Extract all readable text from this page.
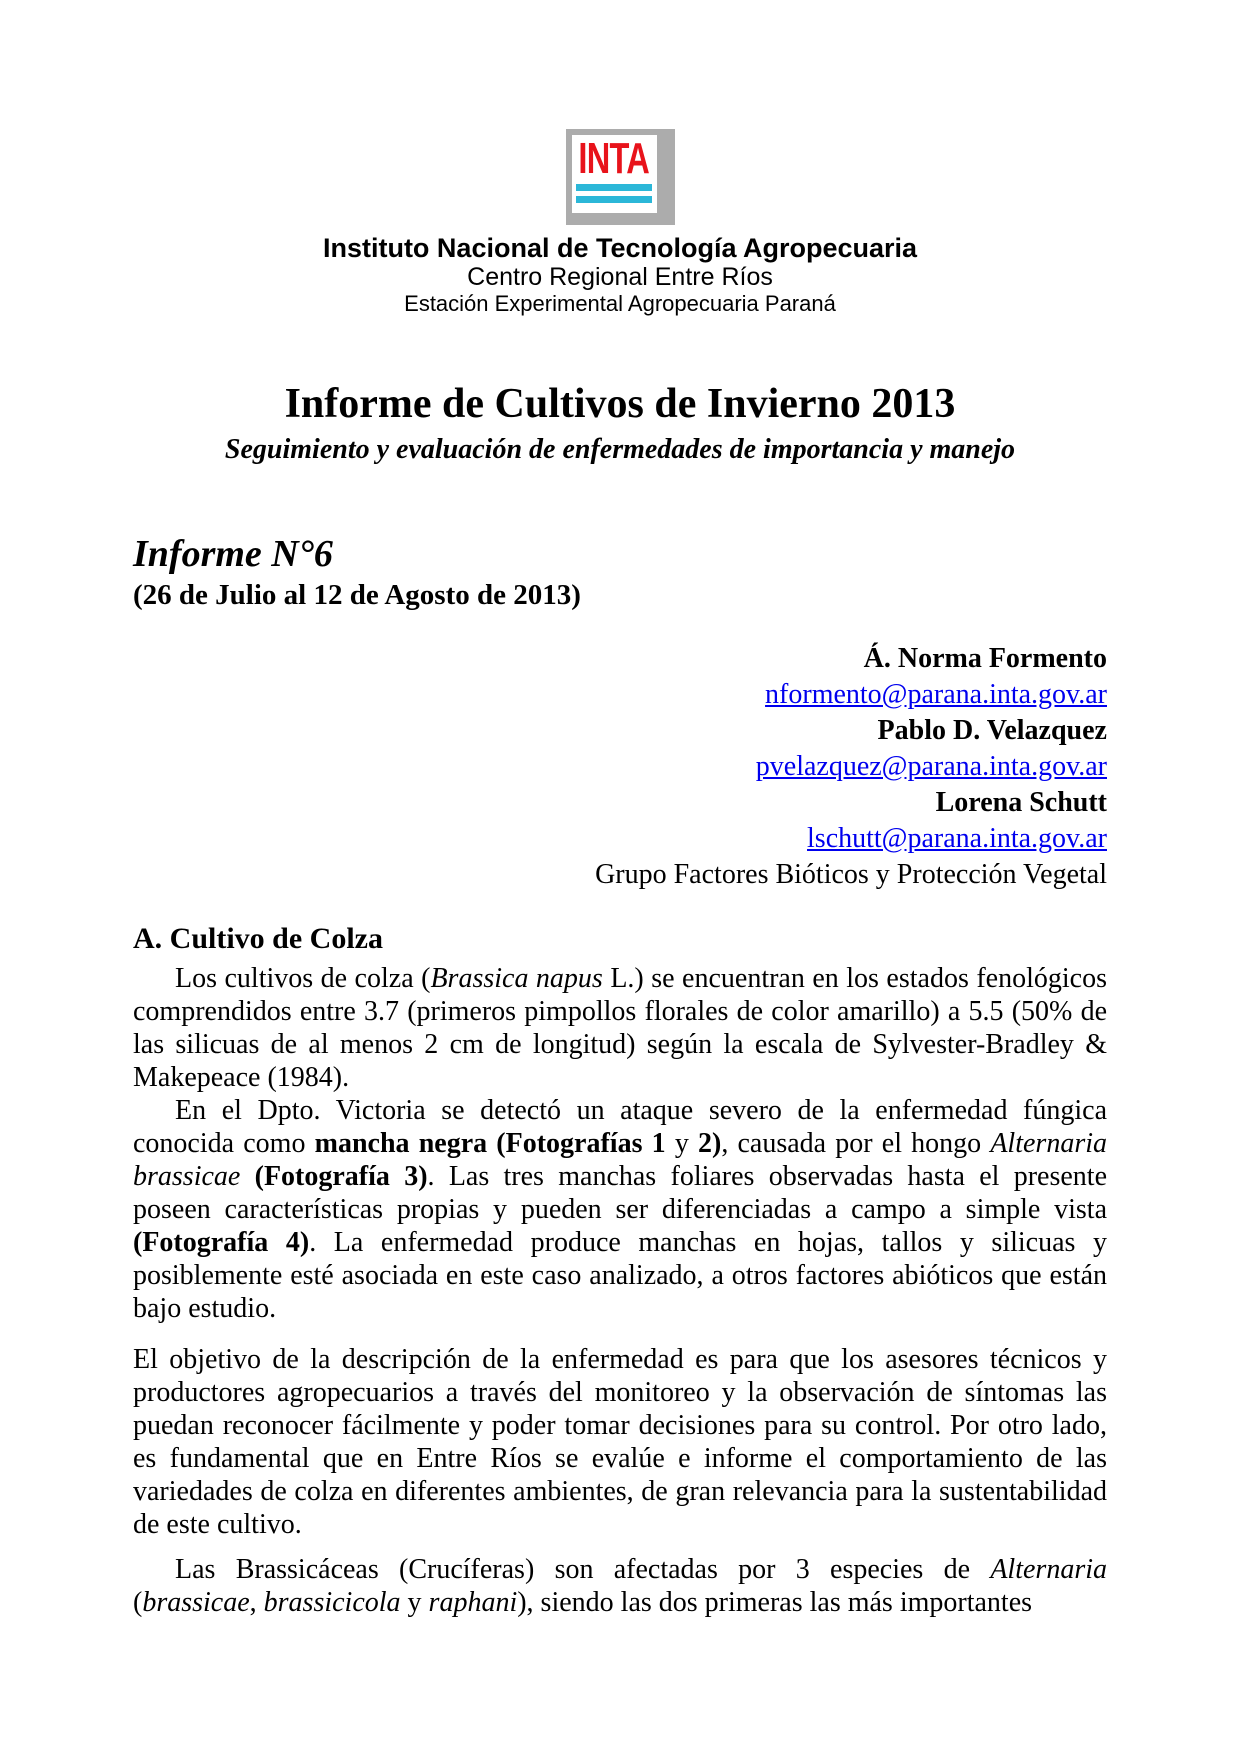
INTA
Instituto Nacional de Tecnología Agropecuaria
Centro Regional Entre Ríos
Estación Experimental Agropecuaria Paraná
Informe de Cultivos de Invierno 2013
Seguimiento y evaluación de enfermedades de importancia y manejo
Informe N°6
(26 de Julio al 12 de Agosto de 2013)
Á. Norma Formento
nformento@parana.inta.gov.ar
Pablo D. Velazquez
pvelazquez@parana.inta.gov.ar
Lorena Schutt
lschutt@parana.inta.gov.ar
Grupo Factores Bióticos y Protección Vegetal
A. Cultivo de Colza

Los cultivos de colza (Brassica napus L.) se encuentran en los estados fenológicos comprendidos entre 3.7 (primeros pimpollos florales de color amarillo) a 5.5 (50% de las silicuas de al menos 2 cm de longitud) según la escala de Sylvester-Bradley & Makepeace (1984).

En el Dpto. Victoria se detectó un ataque severo de la enfermedad fúngica conocida como mancha negra (Fotografías 1 y 2), causada por el hongo Alternaria brassicae (Fotografía 3). Las tres manchas foliares observadas hasta el presente poseen características propias y pueden ser diferenciadas a campo a simple vista (Fotografía 4). La enfermedad produce manchas en hojas, tallos y silicuas y posiblemente esté asociada en este caso analizado, a otros factores abióticos que están bajo estudio.

El objetivo de la descripción de la enfermedad es para que los asesores técnicos y productores agropecuarios a través del monitoreo y la observación de síntomas las puedan reconocer fácilmente y poder tomar decisiones para su control. Por otro lado, es fundamental que en Entre Ríos se evalúe e informe el comportamiento de las variedades de colza en diferentes ambientes, de gran relevancia para la sustentabilidad de este cultivo.

Las Brassicáceas (Crucíferas) son afectadas por 3 especies de Alternaria (brassicae, brassicicola y raphani), siendo las dos primeras las más importantes
